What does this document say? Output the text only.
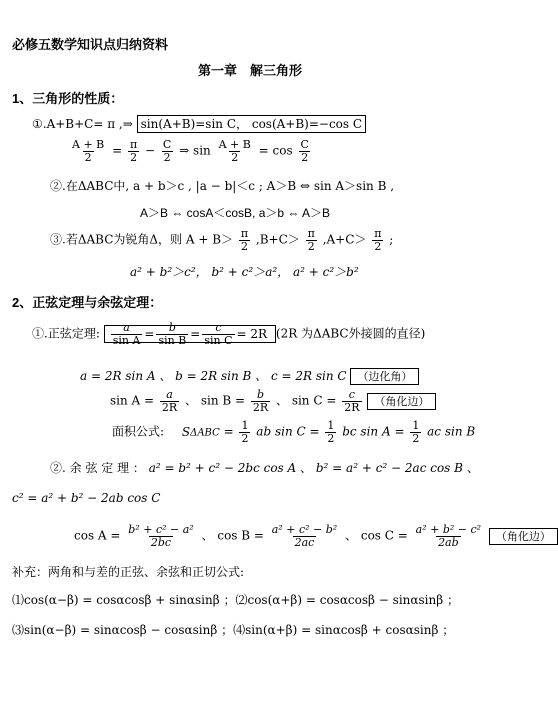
必修五数学知识点归纳资料
第一章　解三角形
1、三角形的性质：
①.A+B+C= π ,⇒ sin(A+B)=sin C， cos(A+B)=−cos C
$\frac{A + B}{2} = \frac{\pi}{2} - \frac{C}{2}$ ⇒ $\sin \frac{A + B}{2} = \cos \frac{C}{2}$
②.在ΔABC中, a + b＞c , |a − b|＜c ; A＞B ⇔ sin A＞sin B ,
A＞B ⇔ cosA＜cosB, a＞b ⇔ A＞B
③.若ΔABC为锐角Δ，则 $A + B> \frac{\pi}{2} ,B+C> \frac{\pi}{2} ,A+C> \frac{\pi}{2}$ ;
a² + b²＞c²， b² + c²＞a²， a² + c²＞b²
2、正弦定理与余弦定理：
①.正弦定理: $\frac{a}{\text{sin A}} = \frac{b}{\text{sin B}} = \frac{c}{\text{sin C}} = 2R$ (2R 为ΔABC外接圆的直径)
a = 2R sin A 、 b = 2R sin B 、 c = 2R sin C （边化角）
$\sin A = \frac{a}{2R}$ 、 $\sin B = \frac{b}{2R}$ 、 $\sin C = \frac{c}{2R}$ （角化边）
面积公式: $S\Delta ABC = \frac{1}{2}$ ab $\sin C = \frac{1}{2}$ bc $\sin A = \frac{1}{2}$ ac sin B
②. 余 弦 定 理 ： a² = b² + c² − 2bc cos A 、 b² = a² + c² − 2ac cos B 、
c² = a² + b² − 2ab cos C
$\cos A = \frac{\text{b² + c² − a²}}{2bc}$ 、 $\cos B = \frac{\text{a² + c² − b²}}{2ac}$ 、 $\cos C = \frac{\text{a² + b² − c²}}{2ab}$ （角化边）
补充：两角和与差的正弦、余弦和正切公式:
⑴cos(α−β) = cosαcosβ + sinαsinβ ；⑵cos(α+β) = cosαcosβ − sinαsinβ ；
⑶sin(α−β) = sinαcosβ − cosαsinβ ；⑷sin(α+β) = sinαcosβ + cosαsinβ ；
